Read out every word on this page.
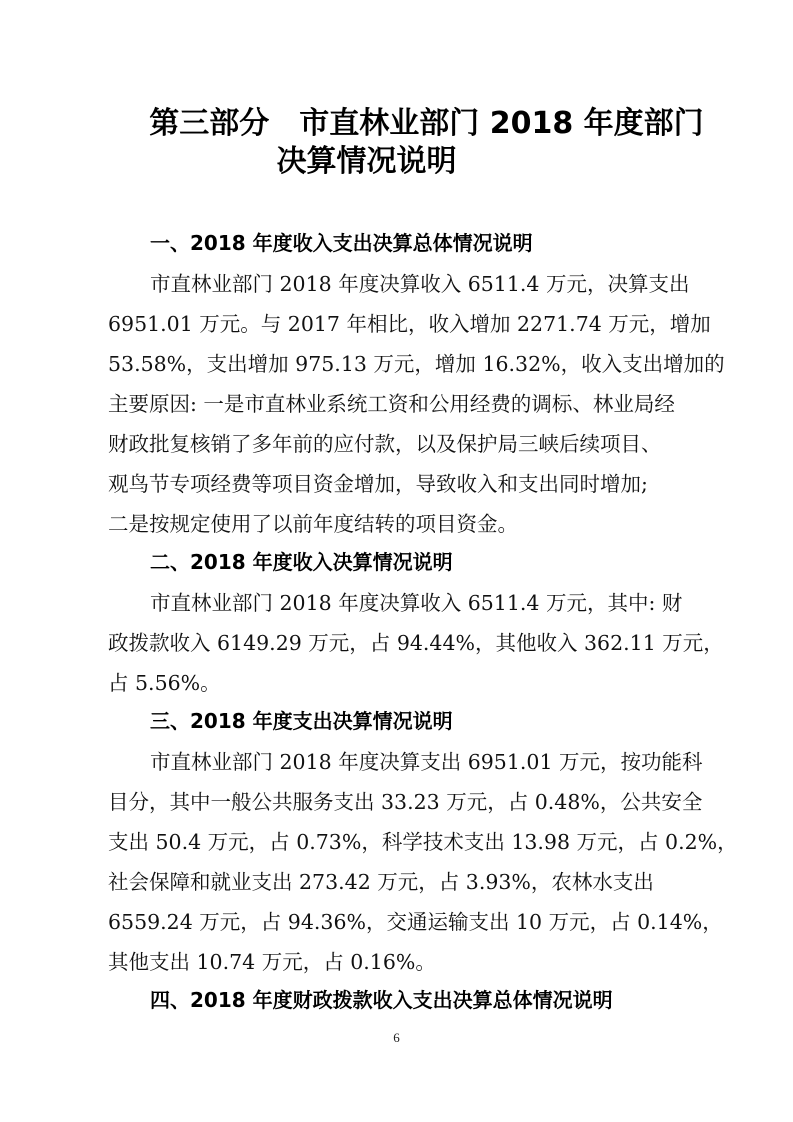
第三部分　市直林业部门 2018 年度部门
决算情况说明
一、2018 年度收入支出决算总体情况说明
市直林业部门 2018 年度决算收入 6511.4 万元，决算支出
6951.01 万元。与 2017 年相比，收入增加 2271.74 万元，增加
53.58%，支出增加 975.13 万元，增加 16.32%，收入支出增加的
主要原因: 一是市直林业系统工资和公用经费的调标、林业局经
财政批复核销了多年前的应付款，以及保护局三峡后续项目、
观鸟节专项经费等项目资金增加，导致收入和支出同时增加;
二是按规定使用了以前年度结转的项目资金。
二、2018 年度收入决算情况说明
市直林业部门 2018 年度决算收入 6511.4 万元，其中: 财
政拨款收入 6149.29 万元，占 94.44%，其他收入 362.11 万元，
占 5.56%。
三、2018 年度支出决算情况说明
市直林业部门 2018 年度决算支出 6951.01 万元，按功能科
目分，其中一般公共服务支出 33.23 万元，占 0.48%，公共安全
支出 50.4 万元，占 0.73%，科学技术支出 13.98 万元，占 0.2%，
社会保障和就业支出 273.42 万元，占 3.93%，农林水支出
6559.24 万元，占 94.36%，交通运输支出 10 万元，占 0.14%，
其他支出 10.74 万元，占 0.16%。
四、2018 年度财政拨款收入支出决算总体情况说明
6
